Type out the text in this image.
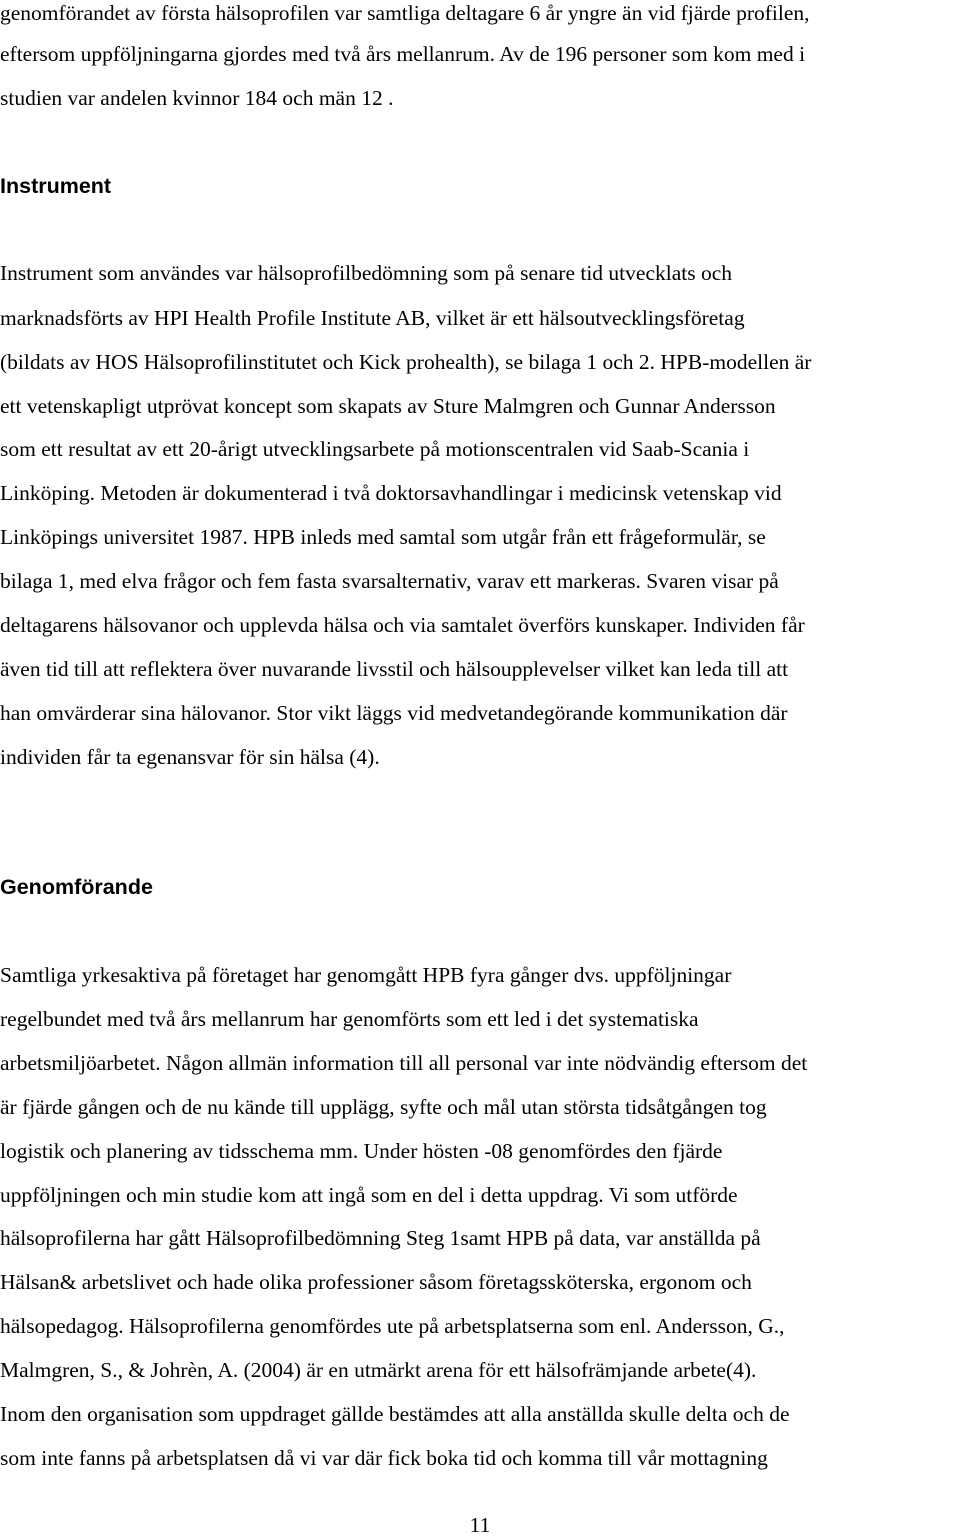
genomförandet av första hälsoprofilen var samtliga deltagare 6 år yngre än vid fjärde profilen,

eftersom uppföljningarna gjordes med två års mellanrum. Av de 196 personer som kom med i

studien var andelen kvinnor 184 och män 12 .

Instrument

Instrument som användes var hälsoprofilbedömning som på senare tid utvecklats och

marknadsförts av HPI Health Profile Institute AB, vilket är ett hälsoutvecklingsföretag

(bildats av HOS Hälsoprofilinstitutet och Kick prohealth), se bilaga 1 och 2. HPB-modellen är

ett vetenskapligt utprövat koncept som skapats av Sture Malmgren och Gunnar Andersson

som ett resultat av ett 20-årigt utvecklingsarbete på motionscentralen vid Saab-Scania i

Linköping. Metoden är dokumenterad i två doktorsavhandlingar i medicinsk vetenskap vid

Linköpings universitet 1987. HPB inleds med samtal som utgår från ett frågeformulär, se

bilaga 1, med elva frågor och fem fasta svarsalternativ, varav ett markeras. Svaren visar på

deltagarens hälsovanor och upplevda hälsa och via samtalet överförs kunskaper. Individen får

även tid till att reflektera över nuvarande livsstil och hälsoupplevelser vilket kan leda till att

han omvärderar sina hälovanor. Stor vikt läggs vid medvetandegörande kommunikation där

individen får ta egenansvar för sin hälsa (4).

Genomförande

Samtliga yrkesaktiva på företaget har genomgått HPB fyra gånger dvs. uppföljningar

regelbundet med två års mellanrum har genomförts som ett led i det systematiska

arbetsmiljöarbetet. Någon allmän information till all personal var inte nödvändig eftersom det

är fjärde gången och de nu kände till upplägg, syfte och mål utan största tidsåtgången tog

logistik och planering av tidsschema mm. Under hösten -08 genomfördes den fjärde

uppföljningen och min studie kom att ingå som en del i detta uppdrag. Vi som utförde

hälsoprofilerna har gått Hälsoprofilbedömning Steg 1samt HPB på data, var anställda på

Hälsan& arbetslivet och hade olika professioner såsom företagssköterska, ergonom och

hälsopedagog. Hälsoprofilerna genomfördes ute på arbetsplatserna som enl. Andersson, G.,

Malmgren, S., & Johrèn, A. (2004) är en utmärkt arena för ett hälsofrämjande arbete(4).

Inom den organisation som uppdraget gällde bestämdes att alla anställda skulle delta och de

som inte fanns på arbetsplatsen då vi var där fick boka tid och komma till vår mottagning

11
